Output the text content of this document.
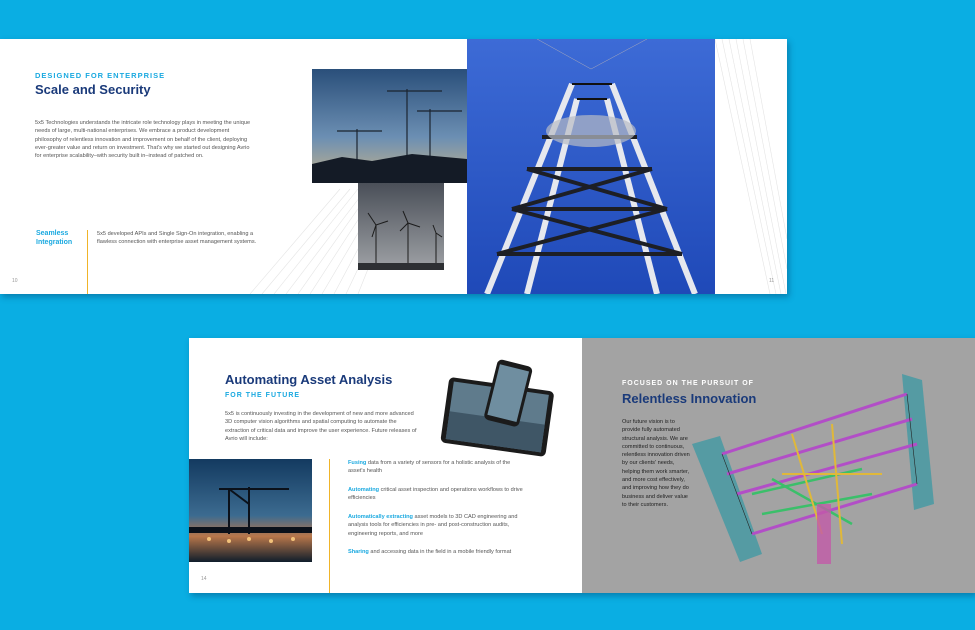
DESIGNED FOR ENTERPRISE
Scale and Security
5x5 Technologies understands the intricate role technology plays in meeting the unique needs of large, multi-national enterprises. We embrace a product development philosophy of relentless innovation and improvement on behalf of the client, deploying ever-greater value and return on investment. That's why we started out designing Avrio for enterprise scalability–with security built in–instead of patched on.
Seamless
Integration
5x5 developed APIs and Single Sign-On integration, enabling a flawless connection with enterprise asset management systems.
10	11
Automating Asset Analysis
FOR THE FUTURE
5x5 is continuously investing in the development of new and more advanced 3D computer vision algorithms and spatial computing to automate the extraction of critical data and improve the user experience. Future releases of Avrio will include:
Fusing data from a variety of sensors for a holistic analysis of the asset's health
Automating critical asset inspection and operations workflows to drive efficiencies
Automatically extracting asset models to 3D CAD engineering and analysis tools for efficiencies in pre- and post-construction audits, engineering reports, and more
Sharing and accessing data in the field in a mobile friendly format
14
FOCUSED ON THE PURSUIT OF
Relentless Innovation
Our future vision is to provide fully automated structural analysis. We are committed to continuous, relentless innovation driven by our clients' needs, helping them work smarter, and more cost effectively, and improving how they do business and deliver value to their customers.
